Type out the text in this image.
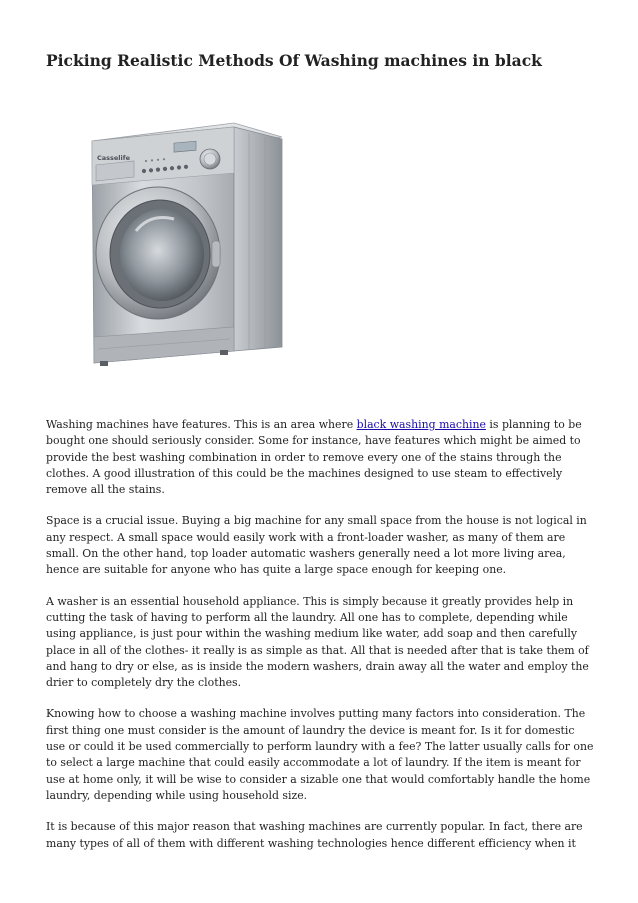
Picking Realistic Methods Of Washing machines in black
Casselife

Washing machines have features. This is an area where black washing machine is planning to be bought one should seriously consider. Some for instance, have features which might be aimed to provide the best washing combination in order to remove every one of the stains through the clothes. A good illustration of this could be the machines designed to use steam to effectively remove all the stains.

Space is a crucial issue. Buying a big machine for any small space from the house is not logical in any respect. A small space would easily work with a front-loader washer, as many of them are small. On the other hand, top loader automatic washers generally need a lot more living area, hence are suitable for anyone who has quite a large space enough for keeping one.

A washer is an essential household appliance. This is simply because it greatly provides help in cutting the task of having to perform all the laundry. All one has to complete, depending while using appliance, is just pour within the washing medium like water, add soap and then carefully place in all of the clothes- it really is as simple as that. All that is needed after that is take them of and hang to dry or else, as is inside the modern washers, drain away all the water and employ the drier to completely dry the clothes.

Knowing how to choose a washing machine involves putting many factors into consideration. The first thing one must consider is the amount of laundry the device is meant for. Is it for domestic use or could it be used commercially to perform laundry with a fee? The latter usually calls for one to select a large machine that could easily accommodate a lot of laundry. If the item is meant for use at home only, it will be wise to consider a sizable one that would comfortably handle the home laundry, depending while using household size.

It is because of this major reason that washing machines are currently popular. In fact, there are many types of all of them with different washing technologies hence different efficiency when it
